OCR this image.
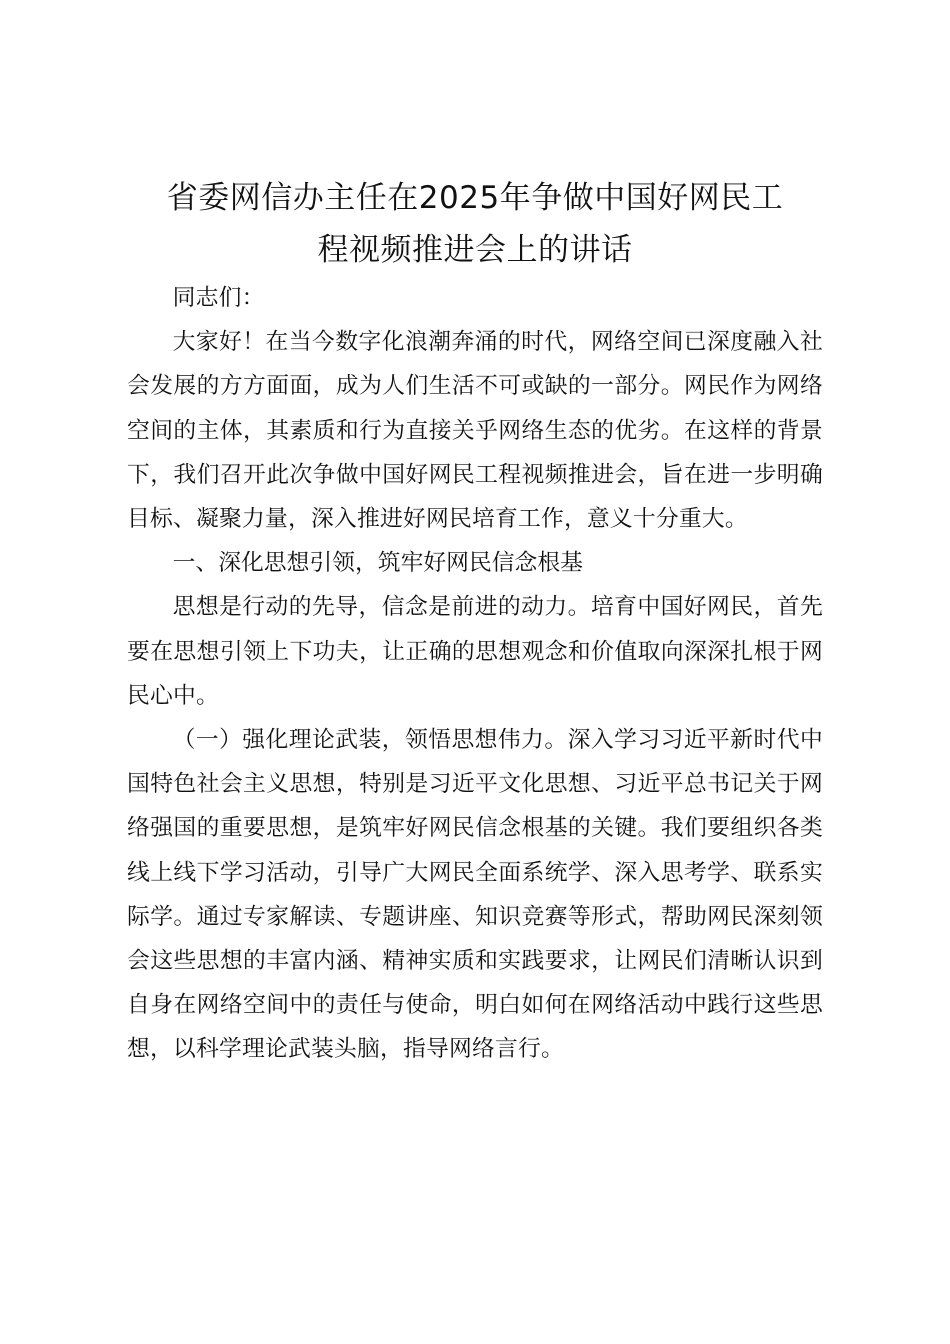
省委网信办主任在2025年争做中国好网民工
程视频推进会上的讲话

同志们：

大家好！在当今数字化浪潮奔涌的时代，网络空间已深度融入社会发展的方方面面，成为人们生活不可或缺的一部分。网民作为网络空间的主体，其素质和行为直接关乎网络生态的优劣。在这样的背景下，我们召开此次争做中国好网民工程视频推进会，旨在进一步明确目标、凝聚力量，深入推进好网民培育工作，意义十分重大。

一、深化思想引领，筑牢好网民信念根基

思想是行动的先导，信念是前进的动力。培育中国好网民，首先要在思想引领上下功夫，让正确的思想观念和价值取向深深扎根于网民心中。

（一）强化理论武装，领悟思想伟力。深入学习习近平新时代中国特色社会主义思想，特别是习近平文化思想、习近平总书记关于网络强国的重要思想，是筑牢好网民信念根基的关键。我们要组织各类线上线下学习活动，引导广大网民全面系统学、深入思考学、联系实际学。通过专家解读、专题讲座、知识竞赛等形式，帮助网民深刻领会这些思想的丰富内涵、精神实质和实践要求，让网民们清晰认识到自身在网络空间中的责任与使命，明白如何在网络活动中践行这些思想，以科学理论武装头脑，指导网络言行。
